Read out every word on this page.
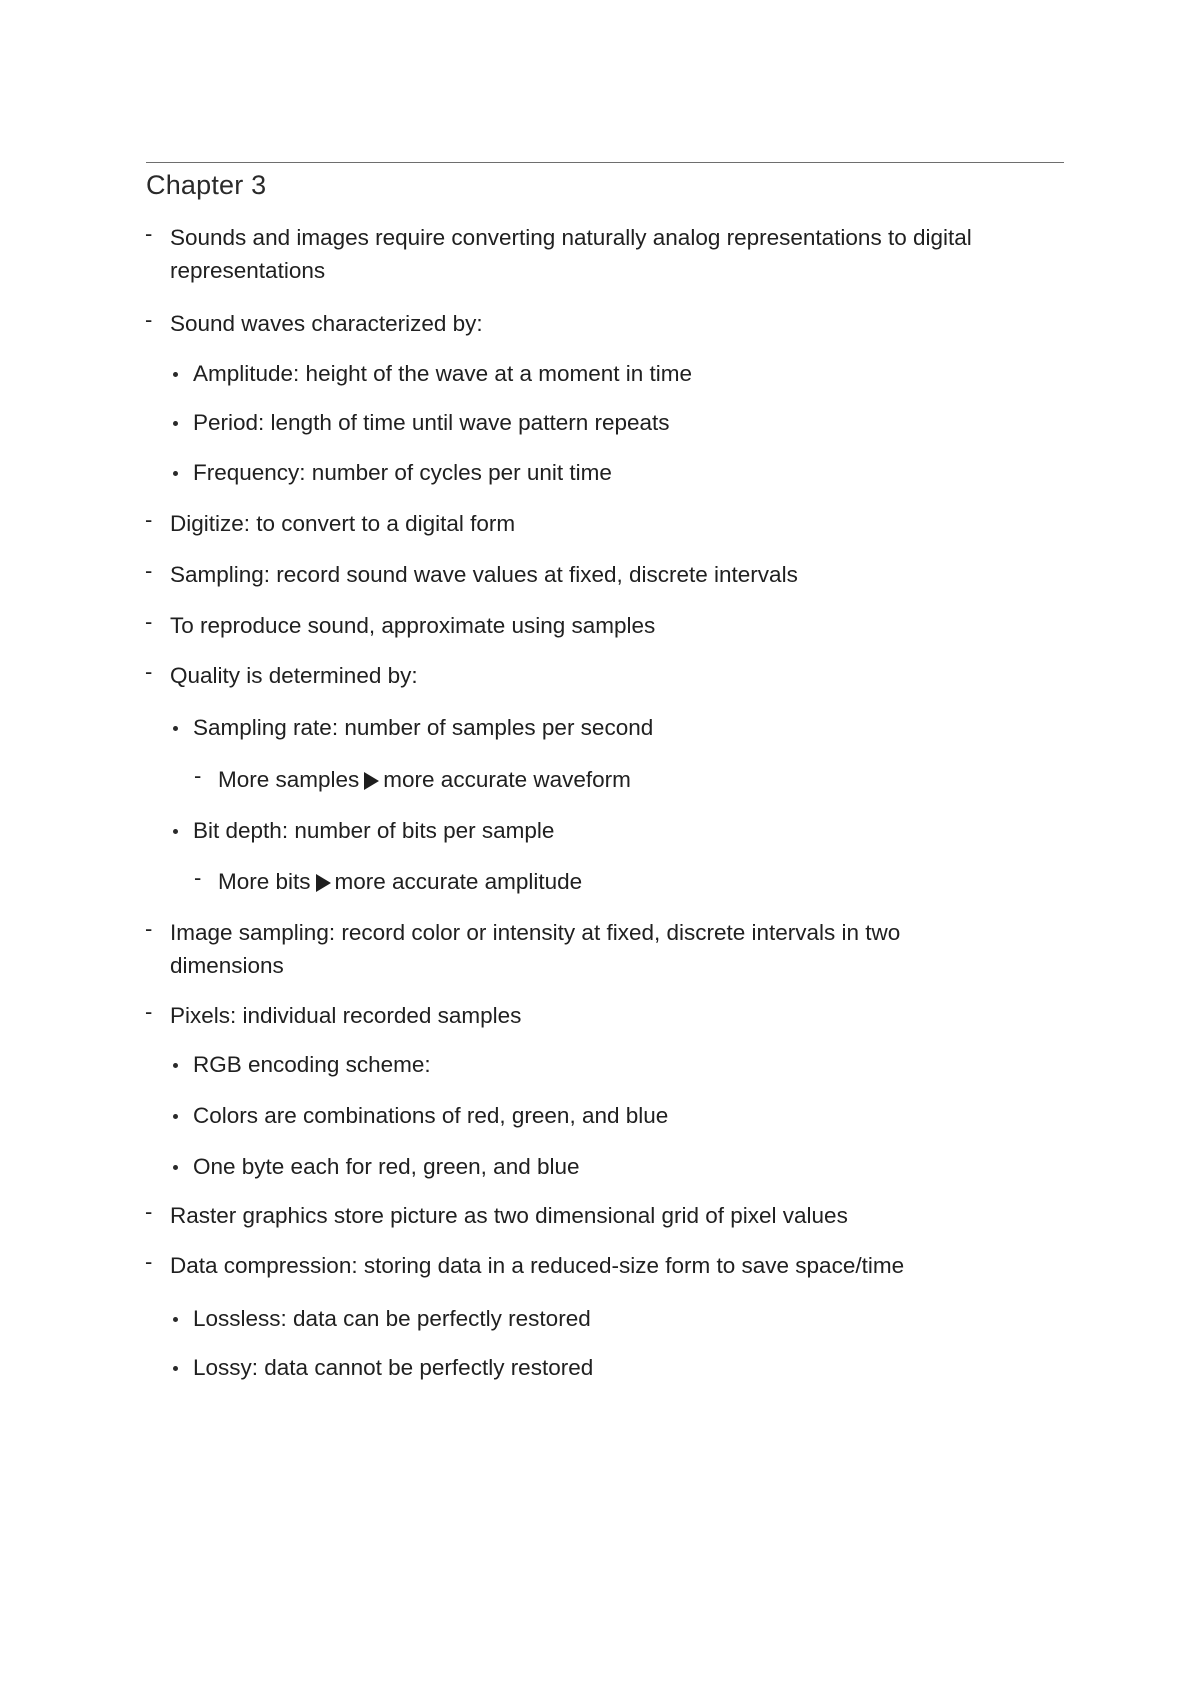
Chapter 3
- Sounds and images require converting naturally analog representations to digital
representations
- Sound waves characterized by:
Amplitude: height of the wave at a moment in time
Period: length of time until wave pattern repeats
Frequency: number of cycles per unit time
- Digitize: to convert to a digital form
- Sampling: record sound wave values at fixed, discrete intervals
- To reproduce sound, approximate using samples
- Quality is determined by:
Sampling rate: number of samples per second
- More samples more accurate waveform
Bit depth: number of bits per sample
- More bits more accurate amplitude
- Image sampling: record color or intensity at fixed, discrete intervals in two
dimensions
- Pixels: individual recorded samples
RGB encoding scheme:
Colors are combinations of red, green, and blue
One byte each for red, green, and blue
- Raster graphics store picture as two dimensional grid of pixel values
- Data compression: storing data in a reduced-size form to save space/time
Lossless: data can be perfectly restored
Lossy: data cannot be perfectly restored
